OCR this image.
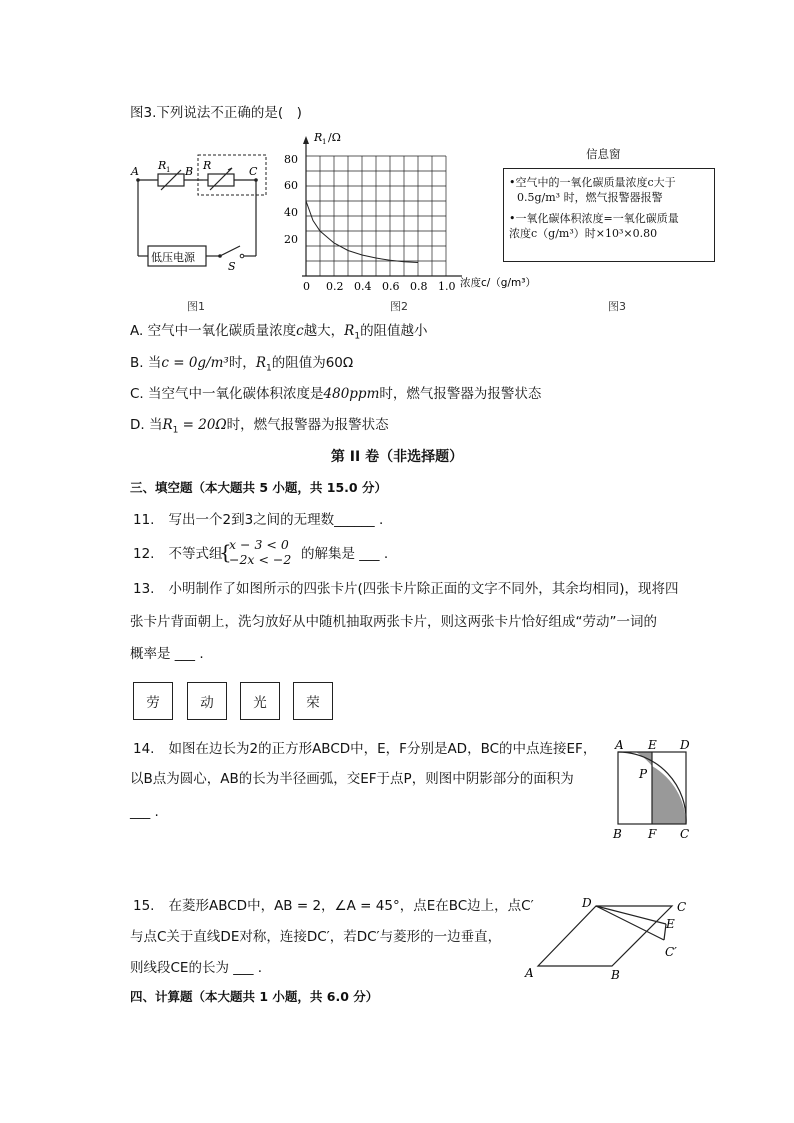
图3.下列说法不正确的是(　)
A	B	C
R 1	R
低压电源
S
图1
R 1 /Ω
80
60
40
20
0 0.2 0.4 0.6 0.8 1.0 浓度c/（g/m³）
图2
信息窗
•空气中的一氧化碳质量浓度c大于
0.5g/m³ 时，燃气报警器报警
•一氧化碳体积浓度=一氧化碳质量
浓度c（g/m³）时×10³×0.80
图3
A. 空气中一氧化碳质量浓度c越大，$R_1$的阻值越小
B. 当c = 0g/m³时，$R_1$的阻值为60Ω
C. 当空气中一氧化碳体积浓度是480ppm时，燃气报警器为报警状态
D. 当$R_1 = 20\Omega$时，燃气报警器为报警状态
第 II 卷（非选择题）
三、填空题（本大题共 5 小题，共 15.0 分）
11. 写出一个2到3之间的无理数______ .
12. 不等式组
{
x − 3 < 0
−2x < −2 的解集是 ___ .
13. 小明制作了如图所示的四张卡片(四张卡片除正面的文字不同外，其余均相同)，现将四
张卡片背面朝上，洗匀放好从中随机抽取两张卡片，则这两张卡片恰好组成“劳动”一词的
概率是 ___ .
劳	动	光	荣
14. 如图在边长为2的正方形ABCD中，E，F分别是AD，BC的中点连接EF，
以B点为圆心，AB的长为半径画弧，交EF于点P，则图中阴影部分的面积为
___ .
A E D
P
B F C
15. 在菱形ABCD中，AB = 2，∠A = 45°，点E在BC边上，点C′
与点C关于直线DE对称，连接DC′，若DC′与菱形的一边垂直，
则线段CE的长为 ___ .
D	C
E
C′
A	B
四、计算题（本大题共 1 小题，共 6.0 分）
